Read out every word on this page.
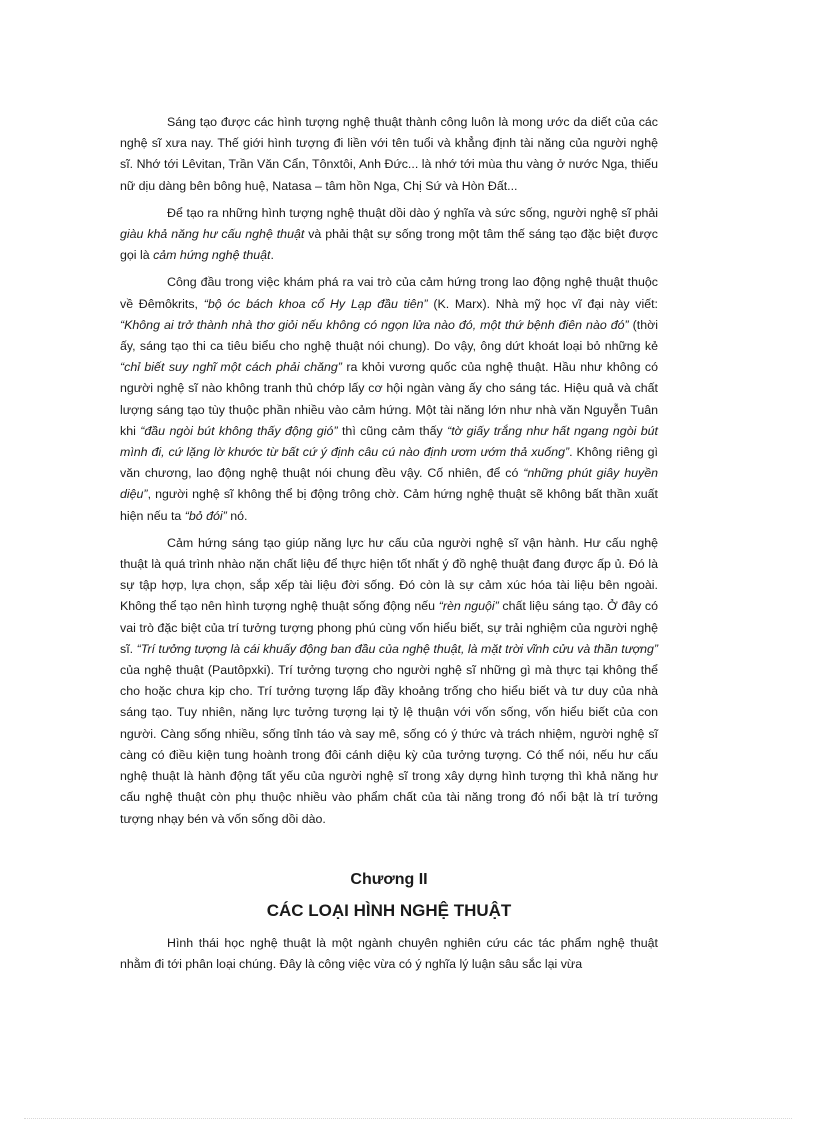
Sáng tạo được các hình tượng nghệ thuật thành công luôn là mong ước da diết của các nghệ sĩ xưa nay. Thế giới hình tượng đi liền với tên tuổi và khẳng định tài năng của người nghệ sĩ. Nhớ tới Lêvitan, Trần Văn Cẩn, Tônxtôi, Anh Đức... là nhớ tới mùa thu vàng ở nước Nga, thiếu nữ dịu dàng bên bông huệ, Natasa – tâm hồn Nga, Chị Sứ và Hòn Đất...

Để tạo ra những hình tượng nghệ thuật dồi dào ý nghĩa và sức sống, người nghệ sĩ phải giàu khả năng hư cấu nghệ thuật và phải thật sự sống trong một tâm thế sáng tạo đặc biệt được gọi là cảm hứng nghệ thuật.

Công đầu trong việc khám phá ra vai trò của cảm hứng trong lao động nghệ thuật thuộc về Đêmôkrits, “bộ óc bách khoa cổ Hy Lạp đầu tiên” (K. Marx). Nhà mỹ học vĩ đại này viết: “Không ai trở thành nhà thơ giỏi nếu không có ngọn lửa nào đó, một thứ bệnh điên nào đó” (thời ấy, sáng tạo thi ca tiêu biểu cho nghệ thuật nói chung). Do vậy, ông dứt khoát loại bỏ những kẻ “chỉ biết suy nghĩ một cách phải chăng” ra khỏi vương quốc của nghệ thuật. Hầu như không có người nghệ sĩ nào không tranh thủ chớp lấy cơ hội ngàn vàng ấy cho sáng tác. Hiệu quả và chất lượng sáng tạo tùy thuộc phần nhiều vào cảm hứng. Một tài năng lớn như nhà văn Nguyễn Tuân khi “đầu ngòi bút không thấy động gió” thì cũng cảm thấy “tờ giấy trắng như hất ngang ngòi bút mình đi, cứ lặng lờ khước từ bất cứ ý định câu cú nào định ươm ướm thả xuống”. Không riêng gì văn chương, lao động nghệ thuật nói chung đều vậy. Cố nhiên, để có “những phút giây huyền diệu”, người nghệ sĩ không thể bị động trông chờ. Cảm hứng nghệ thuật sẽ không bất thần xuất hiện nếu ta “bỏ đói” nó.

Cảm hứng sáng tạo giúp năng lực hư cấu của người nghệ sĩ vận hành. Hư cấu nghệ thuật là quá trình nhào nặn chất liệu để thực hiện tốt nhất ý đồ nghệ thuật đang được ấp ủ. Đó là sự tập hợp, lựa chọn, sắp xếp tài liệu đời sống. Đó còn là sự cảm xúc hóa tài liệu bên ngoài. Không thể tạo nên hình tượng nghệ thuật sống động nếu “rèn nguội” chất liệu sáng tạo. Ở đây có vai trò đặc biệt của trí tưởng tượng phong phú cùng vốn hiểu biết, sự trải nghiệm của người nghệ sĩ. “Trí tưởng tượng là cái khuấy động ban đầu của nghệ thuật, là mặt trời vĩnh cửu và thần tượng” của nghệ thuật (Pautôpxki). Trí tưởng tượng cho người nghệ sĩ những gì mà thực tại không thể cho hoặc chưa kịp cho. Trí tưởng tượng lấp đầy khoảng trống cho hiểu biết và tư duy của nhà sáng tạo. Tuy nhiên, năng lực tưởng tượng lại tỷ lệ thuận với vốn sống, vốn hiểu biết của con người. Càng sống nhiều, sống tỉnh táo và say mê, sống có ý thức và trách nhiệm, người nghệ sĩ càng có điều kiện tung hoành trong đôi cánh diệu kỳ của tưởng tượng. Có thể nói, nếu hư cấu nghệ thuật là hành động tất yếu của người nghệ sĩ trong xây dựng hình tượng thì khả năng hư cấu nghệ thuật còn phụ thuộc nhiều vào phẩm chất của tài năng trong đó nổi bật là trí tưởng tượng nhạy bén và vốn sống dồi dào.

Chương II
CÁC LOẠI HÌNH NGHỆ THUẬT

Hình thái học nghệ thuật là một ngành chuyên nghiên cứu các tác phẩm nghệ thuật nhằm đi tới phân loại chúng. Đây là công việc vừa có ý nghĩa lý luận sâu sắc lại vừa
